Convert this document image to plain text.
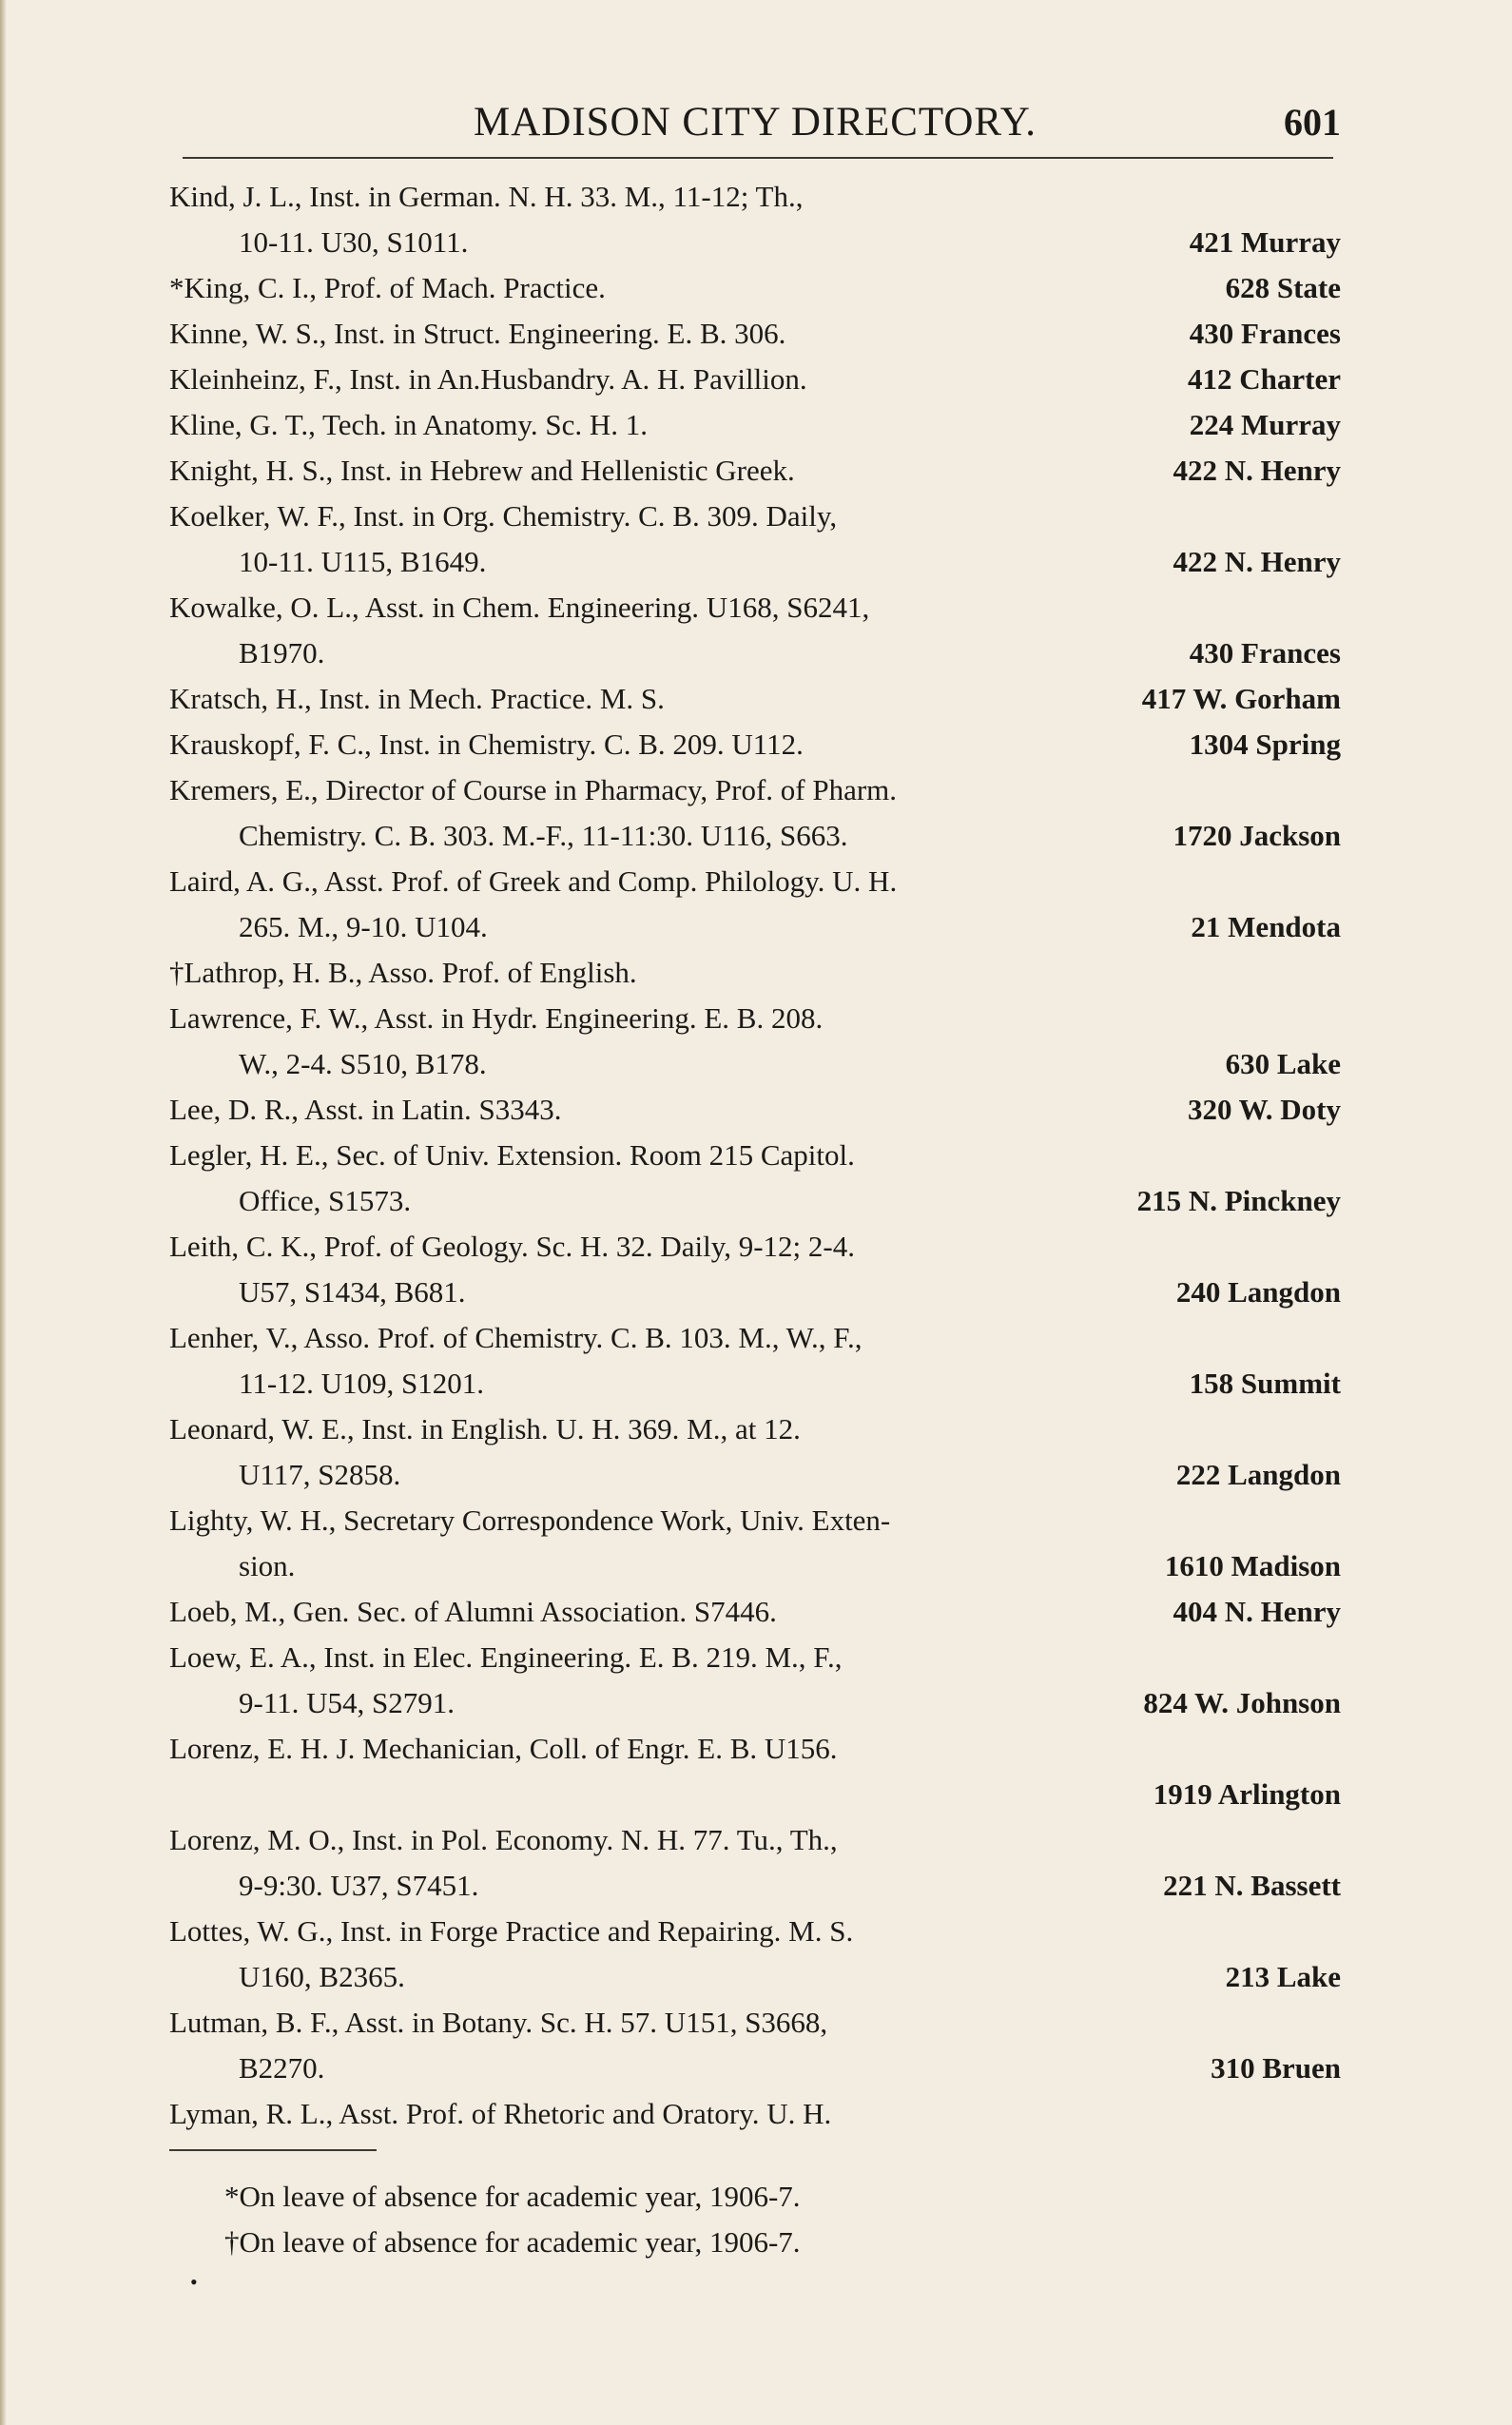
MADISON CITY DIRECTORY.	601
Kind, J. L., Inst. in German. N. H. 33. M., 11-12; Th.,
10-11. U30, S1011.	421 Murray
*King, C. I., Prof. of Mach. Practice.	628 State
Kinne, W. S., Inst. in Struct. Engineering. E. B. 306.	430 Frances
Kleinheinz, F., Inst. in An.Husbandry. A. H. Pavillion.	412 Charter
Kline, G. T., Tech. in Anatomy. Sc. H. 1.	224 Murray
Knight, H. S., Inst. in Hebrew and Hellenistic Greek.	422 N. Henry
Koelker, W. F., Inst. in Org. Chemistry. C. B. 309. Daily,
10-11. U115, B1649.	422 N. Henry
Kowalke, O. L., Asst. in Chem. Engineering. U168, S6241,
B1970.	430 Frances
Kratsch, H., Inst. in Mech. Practice. M. S.	417 W. Gorham
Krauskopf, F. C., Inst. in Chemistry. C. B. 209. U112.	1304 Spring
Kremers, E., Director of Course in Pharmacy, Prof. of Pharm.
Chemistry. C. B. 303. M.-F., 11-11:30. U116, S663.	1720 Jackson
Laird, A. G., Asst. Prof. of Greek and Comp. Philology. U. H.
265. M., 9-10. U104.	21 Mendota
†Lathrop, H. B., Asso. Prof. of English.
Lawrence, F. W., Asst. in Hydr. Engineering. E. B. 208.
W., 2-4. S510, B178.	630 Lake
Lee, D. R., Asst. in Latin. S3343.	320 W. Doty
Legler, H. E., Sec. of Univ. Extension. Room 215 Capitol.
Office, S1573.	215 N. Pinckney
Leith, C. K., Prof. of Geology. Sc. H. 32. Daily, 9-12; 2-4.
U57, S1434, B681.	240 Langdon
Lenher, V., Asso. Prof. of Chemistry. C. B. 103. M., W., F.,
11-12. U109, S1201.	158 Summit
Leonard, W. E., Inst. in English. U. H. 369. M., at 12.
U117, S2858.	222 Langdon
Lighty, W. H., Secretary Correspondence Work, Univ. Exten-
sion.	1610 Madison
Loeb, M., Gen. Sec. of Alumni Association. S7446.	404 N. Henry
Loew, E. A., Inst. in Elec. Engineering. E. B. 219. M., F.,
9-11. U54, S2791.	824 W. Johnson
Lorenz, E. H. J. Mechanician, Coll. of Engr. E. B. U156.
1919 Arlington
Lorenz, M. O., Inst. in Pol. Economy. N. H. 77. Tu., Th.,
9-9:30. U37, S7451.	221 N. Bassett
Lottes, W. G., Inst. in Forge Practice and Repairing. M. S.
U160, B2365.	213 Lake
Lutman, B. F., Asst. in Botany. Sc. H. 57. U151, S3668,
B2270.	310 Bruen
Lyman, R. L., Asst. Prof. of Rhetoric and Oratory. U. H.
*On leave of absence for academic year, 1906-7.
†On leave of absence for academic year, 1906-7.
•
